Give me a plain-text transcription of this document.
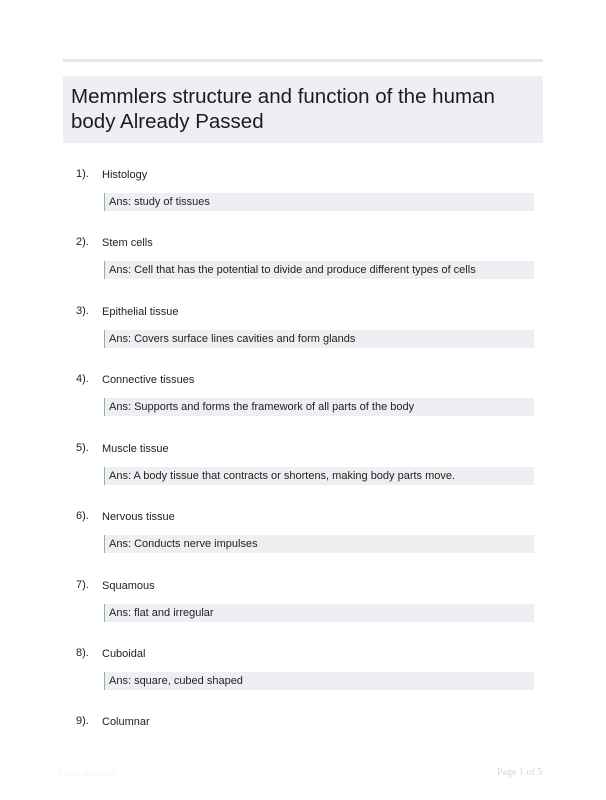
Memmlers structure and function of the human body Already Passed
1). Histology
Ans: study of tissues
2). Stem cells
Ans: Cell that has the potential to divide and produce different types of cells
3). Epithelial tissue
Ans: Covers surface lines cavities and form glands
4). Connective tissues
Ans: Supports and forms the framework of all parts of the body
5). Muscle tissue
Ans: A body tissue that contracts or shortens, making body parts move.
6). Nervous tissue
Ans: Conducts nerve impulses
7). Squamous
Ans: flat and irregular
8). Cuboidal
Ans: square, cubed shaped
9). Columnar
Papersbc.com	Page 1 of 5
